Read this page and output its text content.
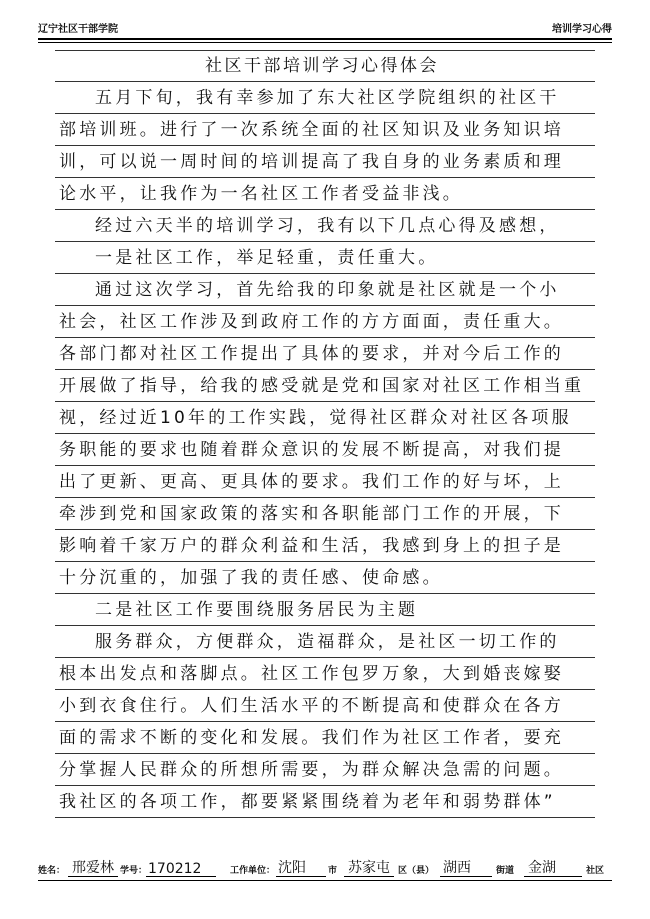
辽宁社区干部学院	培训学习心得
社区干部培训学习心得体会
五月下旬，我有幸参加了东大社区学院组织的社区干
部培训班。进行了一次系统全面的社区知识及业务知识培
训，可以说一周时间的培训提高了我自身的业务素质和理
论水平，让我作为一名社区工作者受益非浅。
经过六天半的培训学习，我有以下几点心得及感想，
一是社区工作，举足轻重，责任重大。
通过这次学习，首先给我的印象就是社区就是一个小
社会，社区工作涉及到政府工作的方方面面，责任重大。
各部门都对社区工作提出了具体的要求，并对今后工作的
开展做了指导，给我的感受就是党和国家对社区工作相当重
视，经过近10年的工作实践，觉得社区群众对社区各项服
务职能的要求也随着群众意识的发展不断提高，对我们提
出了更新、更高、更具体的要求。我们工作的好与坏，上
牵涉到党和国家政策的落实和各职能部门工作的开展，下
影响着千家万户的群众利益和生活，我感到身上的担子是
十分沉重的，加强了我的责任感、使命感。
二是社区工作要围绕服务居民为主题
服务群众，方便群众，造福群众，是社区一切工作的
根本出发点和落脚点。社区工作包罗万象，大到婚丧嫁娶
小到衣食住行。人们生活水平的不断提高和使群众在各方
面的需求不断的变化和发展。我们作为社区工作者，要充
分掌握人民群众的所想所需要，为群众解决急需的问题。
我社区的各项工作，都要紧紧围绕着为老年和弱势群体”
姓名： 邢爱林 学号： 170212	工作单位： 沈阳 市 苏家屯 区（县） 湖西	街道 金湖	社区
